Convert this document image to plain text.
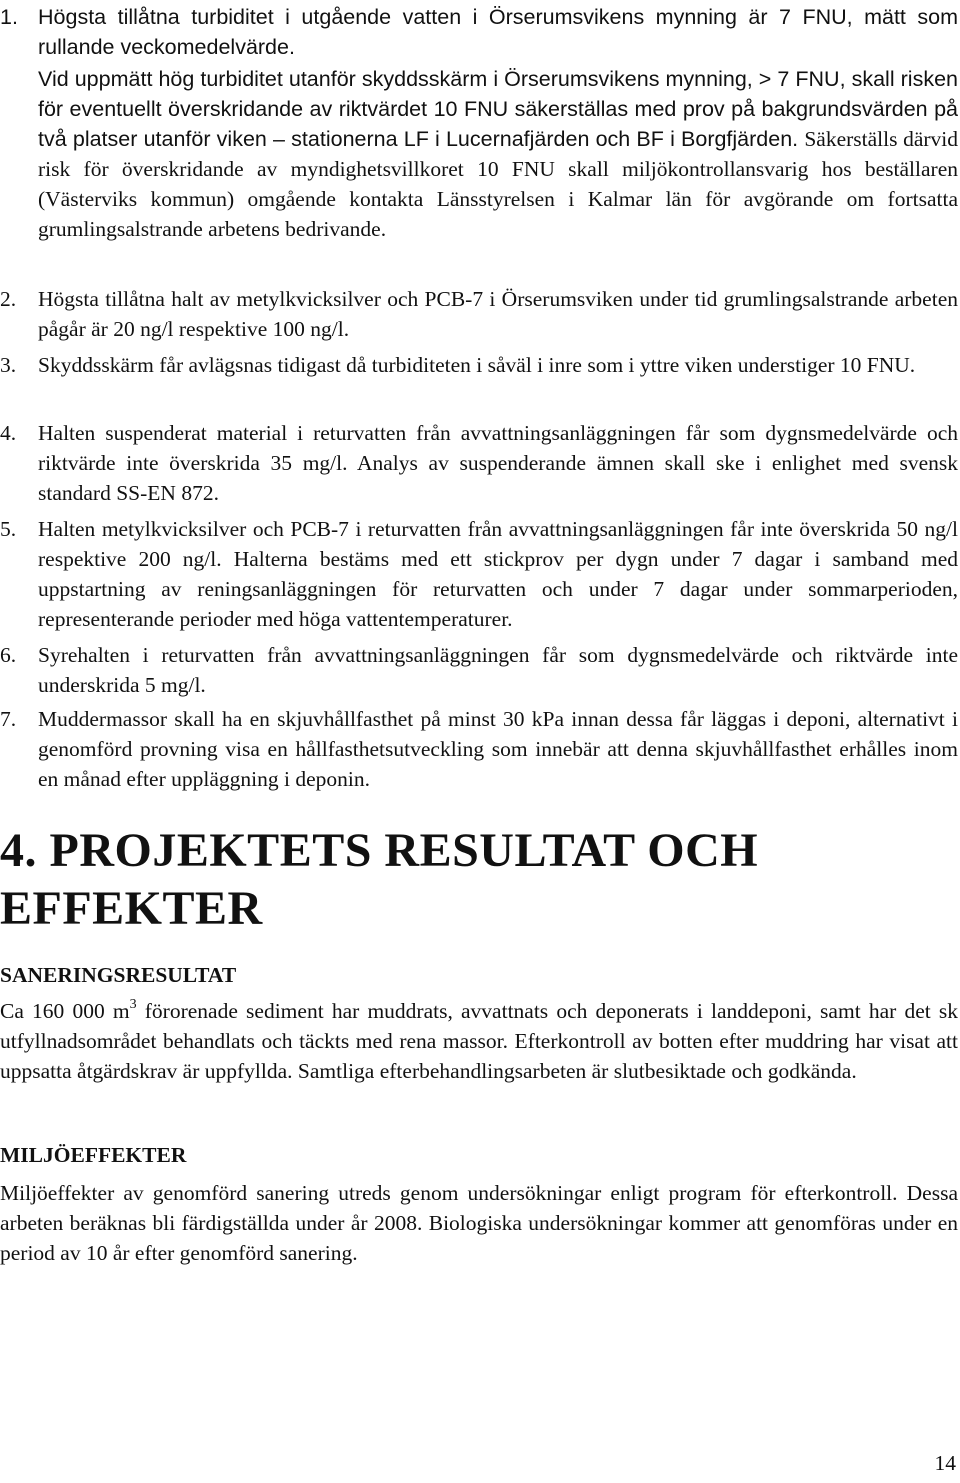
1. Högsta tillåtna turbiditet i utgående vatten i Örserumsvikens mynning är 7 FNU, mätt som rullande veckomedelvärde.
Vid uppmätt hög turbiditet utanför skyddsskärm i Örserumsvikens mynning, > 7 FNU, skall risken för eventuellt överskridande av riktvärdet 10 FNU säkerställas med prov på bakgrundsvärden på två platser utanför viken – stationerna LF i Lucernafjärden och BF i Borgfjärden. Säkerställs därvid risk för överskridande av myndighetsvillkoret 10 FNU skall miljökontrollansvarig hos beställaren (Västerviks kommun) omgående kontakta Länsstyrelsen i Kalmar län för avgörande om fortsatta grumlingsalstrande arbetens bedrivande.
2. Högsta tillåtna halt av metylkvicksilver och PCB-7 i Örserumsviken under tid grumlingsalstrande arbeten pågår är 20 ng/l respektive 100 ng/l.
3. Skyddsskärm får avlägsnas tidigast då turbiditeten i såväl i inre som i yttre viken understiger 10 FNU.
4. Halten suspenderat material i returvatten från avvattningsanläggningen får som dygnsmedelvärde och riktvärde inte överskrida 35 mg/l. Analys av suspenderande ämnen skall ske i enlighet med svensk standard SS-EN 872.
5. Halten metylkvicksilver och PCB-7 i returvatten från avvattningsanläggningen får inte överskrida 50 ng/l respektive 200 ng/l. Halterna bestäms med ett stickprov per dygn under 7 dagar i samband med uppstartning av reningsanläggningen för returvatten och under 7 dagar under sommarperioden, representerande perioder med höga vattentemperaturer.
6. Syrehalten i returvatten från avvattningsanläggningen får som dygnsmedelvärde och riktvärde inte underskrida 5 mg/l.
7. Muddermassor skall ha en skjuvhållfasthet på minst 30 kPa innan dessa får läggas i deponi, alternativt i genomförd provning visa en hållfasthetsutveckling som innebär att denna skjuvhållfasthet erhålles inom en månad efter uppläggning i deponin.
4. PROJEKTETS RESULTAT OCH
EFFEKTER
SANERINGSRESULTAT
Ca 160 000 $m^3$ förorenade sediment har muddrats, avvattnats och deponerats i landdeponi, samt har det sk utfyllnadsområdet behandlats och täckts med rena massor. Efterkontroll av botten efter muddring har visat att uppsatta åtgärdskrav är uppfyllda. Samtliga efterbehandlingsarbeten är slutbesiktade och godkända.
MILJÖEFFEKTER
Miljöeffekter av genomförd sanering utreds genom undersökningar enligt program för efterkontroll. Dessa arbeten beräknas bli färdigställda under år 2008. Biologiska undersökningar kommer att genomföras under en period av 10 år efter genomförd sanering.
14
